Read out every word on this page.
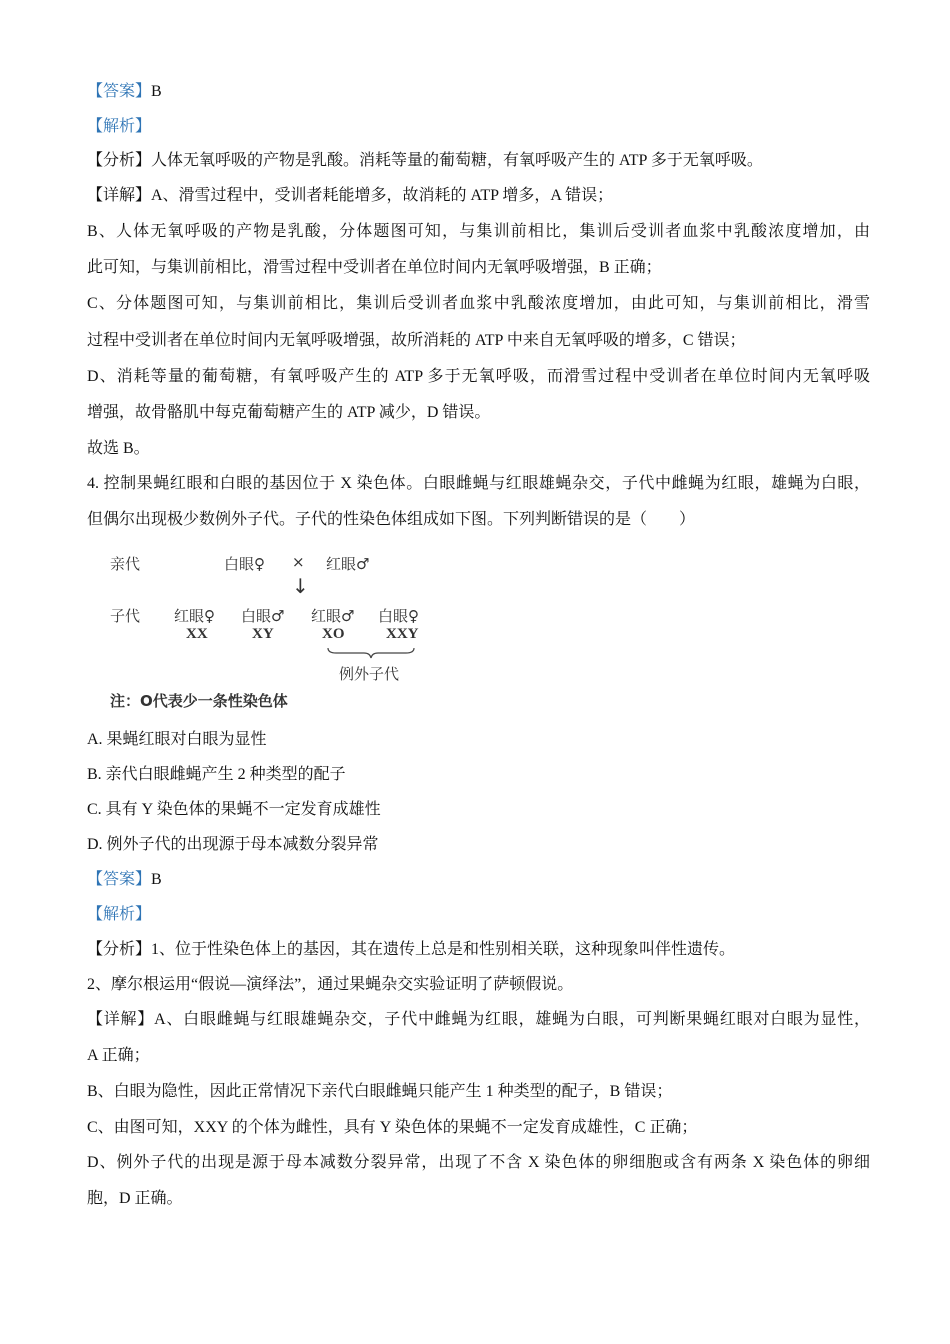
【答案】B
【解析】
【分析】人体无氧呼吸的产物是乳酸。消耗等量的葡萄糖，有氧呼吸产生的 ATP 多于无氧呼吸。
【详解】A、滑雪过程中，受训者耗能增多，故消耗的 ATP 增多，A 错误；
B、人体无氧呼吸的产物是乳酸，分体题图可知，与集训前相比，集训后受训者血浆中乳酸浓度增加，由
此可知，与集训前相比，滑雪过程中受训者在单位时间内无氧呼吸增强，B 正确；
C、分体题图可知，与集训前相比，集训后受训者血浆中乳酸浓度增加，由此可知，与集训前相比，滑雪
过程中受训者在单位时间内无氧呼吸增强，故所消耗的 ATP 中来自无氧呼吸的增多，C 错误；
D、消耗等量的葡萄糖，有氧呼吸产生的 ATP 多于无氧呼吸，而滑雪过程中受训者在单位时间内无氧呼吸
增强，故骨骼肌中每克葡萄糖产生的 ATP 减少，D 错误。
故选 B。
4. 控制果蝇红眼和白眼的基因位于 X 染色体。白眼雌蝇与红眼雄蝇杂交，子代中雌蝇为红眼，雄蝇为白眼，
但偶尔出现极少数例外子代。子代的性染色体组成如下图。下列判断错误的是（　　）
亲代	白眼♀ × 红眼♂
↓
子代 红眼♀
XX
白眼♂
XY
红眼♂
XO
白眼♀
XXY
例外子代
注：O代表少一条性染色体
A. 果蝇红眼对白眼为显性
B. 亲代白眼雌蝇产生 2 种类型的配子
C. 具有 Y 染色体的果蝇不一定发育成雄性
D. 例外子代的出现源于母本减数分裂异常
【答案】B
【解析】
【分析】1、位于性染色体上的基因，其在遗传上总是和性别相关联，这种现象叫伴性遗传。
2、摩尔根运用“假说—演绎法”，通过果蝇杂交实验证明了萨顿假说。
【详解】A、白眼雌蝇与红眼雄蝇杂交，子代中雌蝇为红眼，雄蝇为白眼，可判断果蝇红眼对白眼为显性，
A 正确；
B、白眼为隐性，因此正常情况下亲代白眼雌蝇只能产生 1 种类型的配子，B 错误；
C、由图可知，XXY 的个体为雌性，具有 Y 染色体的果蝇不一定发育成雄性，C 正确；
D、例外子代的出现是源于母本减数分裂异常，出现了不含 X 染色体的卵细胞或含有两条 X 染色体的卵细
胞，D 正确。
